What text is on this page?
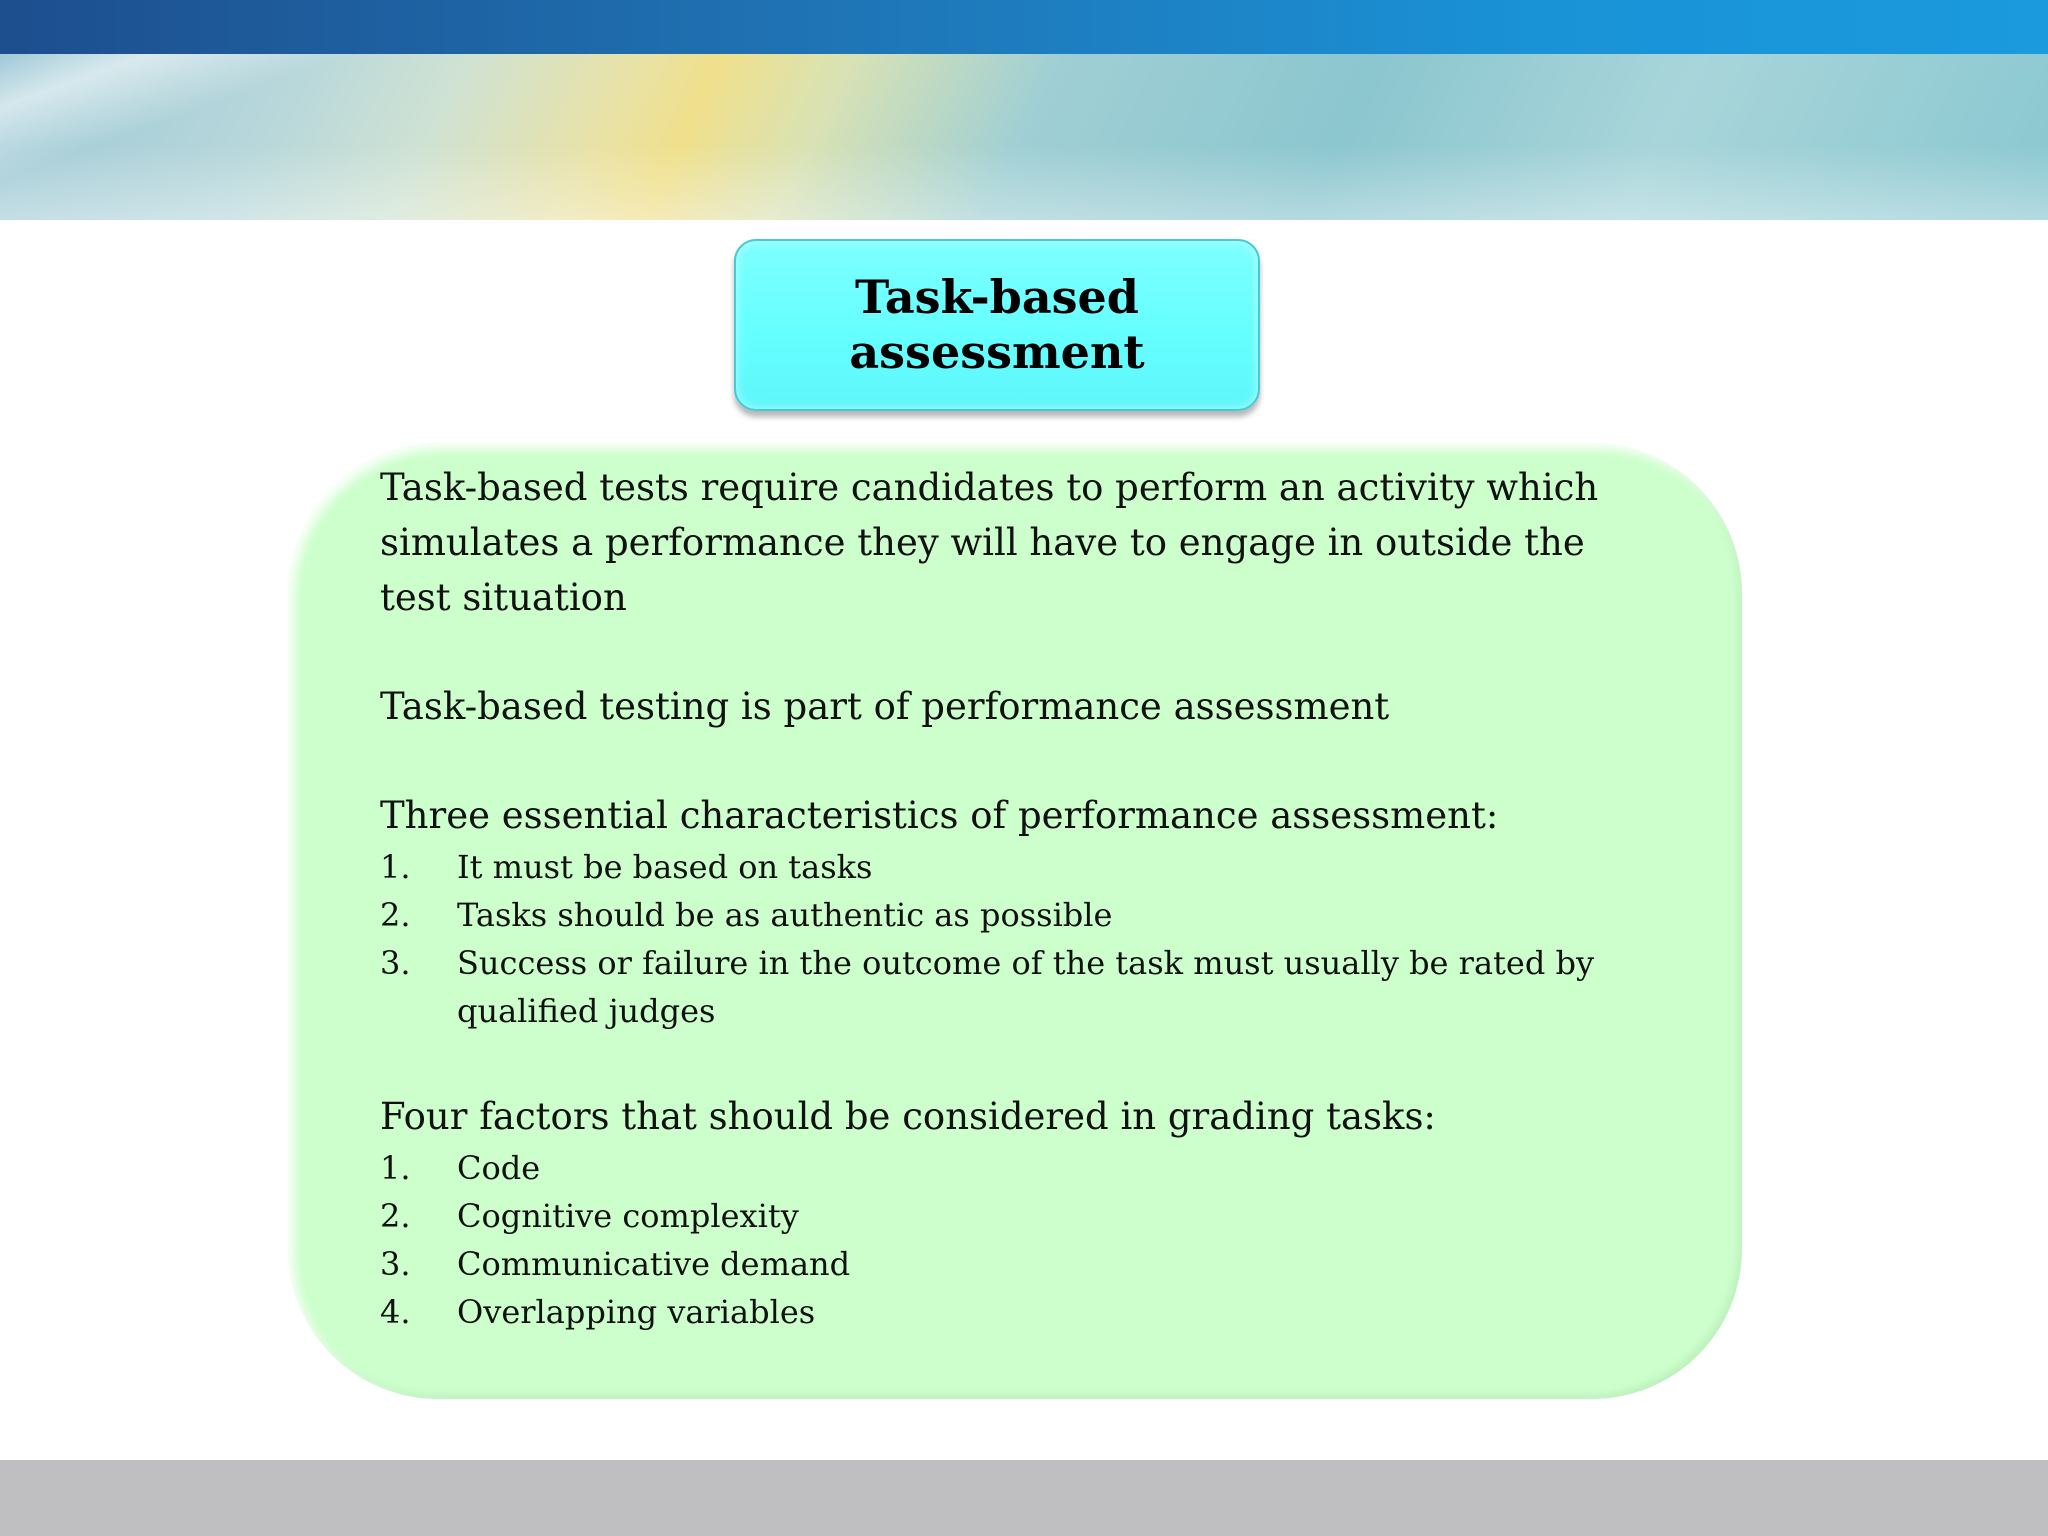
Task-based
assessment

Task-based tests require candidates to perform an activity which simulates a performance they will have to engage in outside the test situation

Task-based testing is part of performance assessment

Three essential characteristics of performance assessment:

1. It must be based on tasks
2. Tasks should be as authentic as possible
3. Success or failure in the outcome of the task must usually be rated by qualified judges

Four factors that should be considered in grading tasks:

1. Code
2. Cognitive complexity
3. Communicative demand
4. Overlapping variables
